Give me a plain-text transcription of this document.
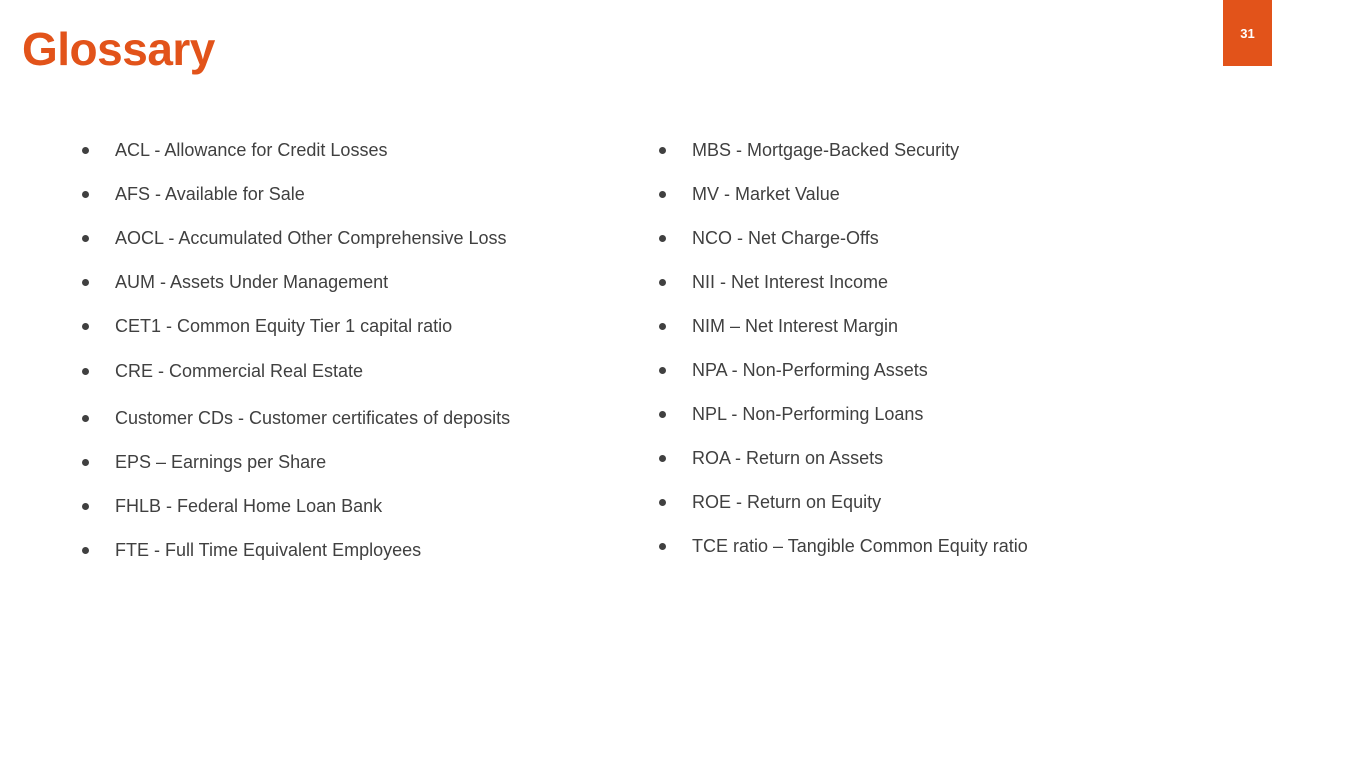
Glossary	31
ACL - Allowance for Credit Losses
AFS - Available for Sale
AOCL - Accumulated Other Comprehensive Loss
AUM - Assets Under Management
CET1 - Common Equity Tier 1 capital ratio
CRE - Commercial Real Estate
Customer CDs - Customer certificates of deposits
EPS – Earnings per Share
FHLB - Federal Home Loan Bank
FTE - Full Time Equivalent Employees
MBS - Mortgage-Backed Security
MV - Market Value
NCO - Net Charge-Offs
NII - Net Interest Income
NIM – Net Interest Margin
NPA - Non-Performing Assets
NPL - Non-Performing Loans
ROA - Return on Assets
ROE - Return on Equity
TCE ratio – Tangible Common Equity ratio
